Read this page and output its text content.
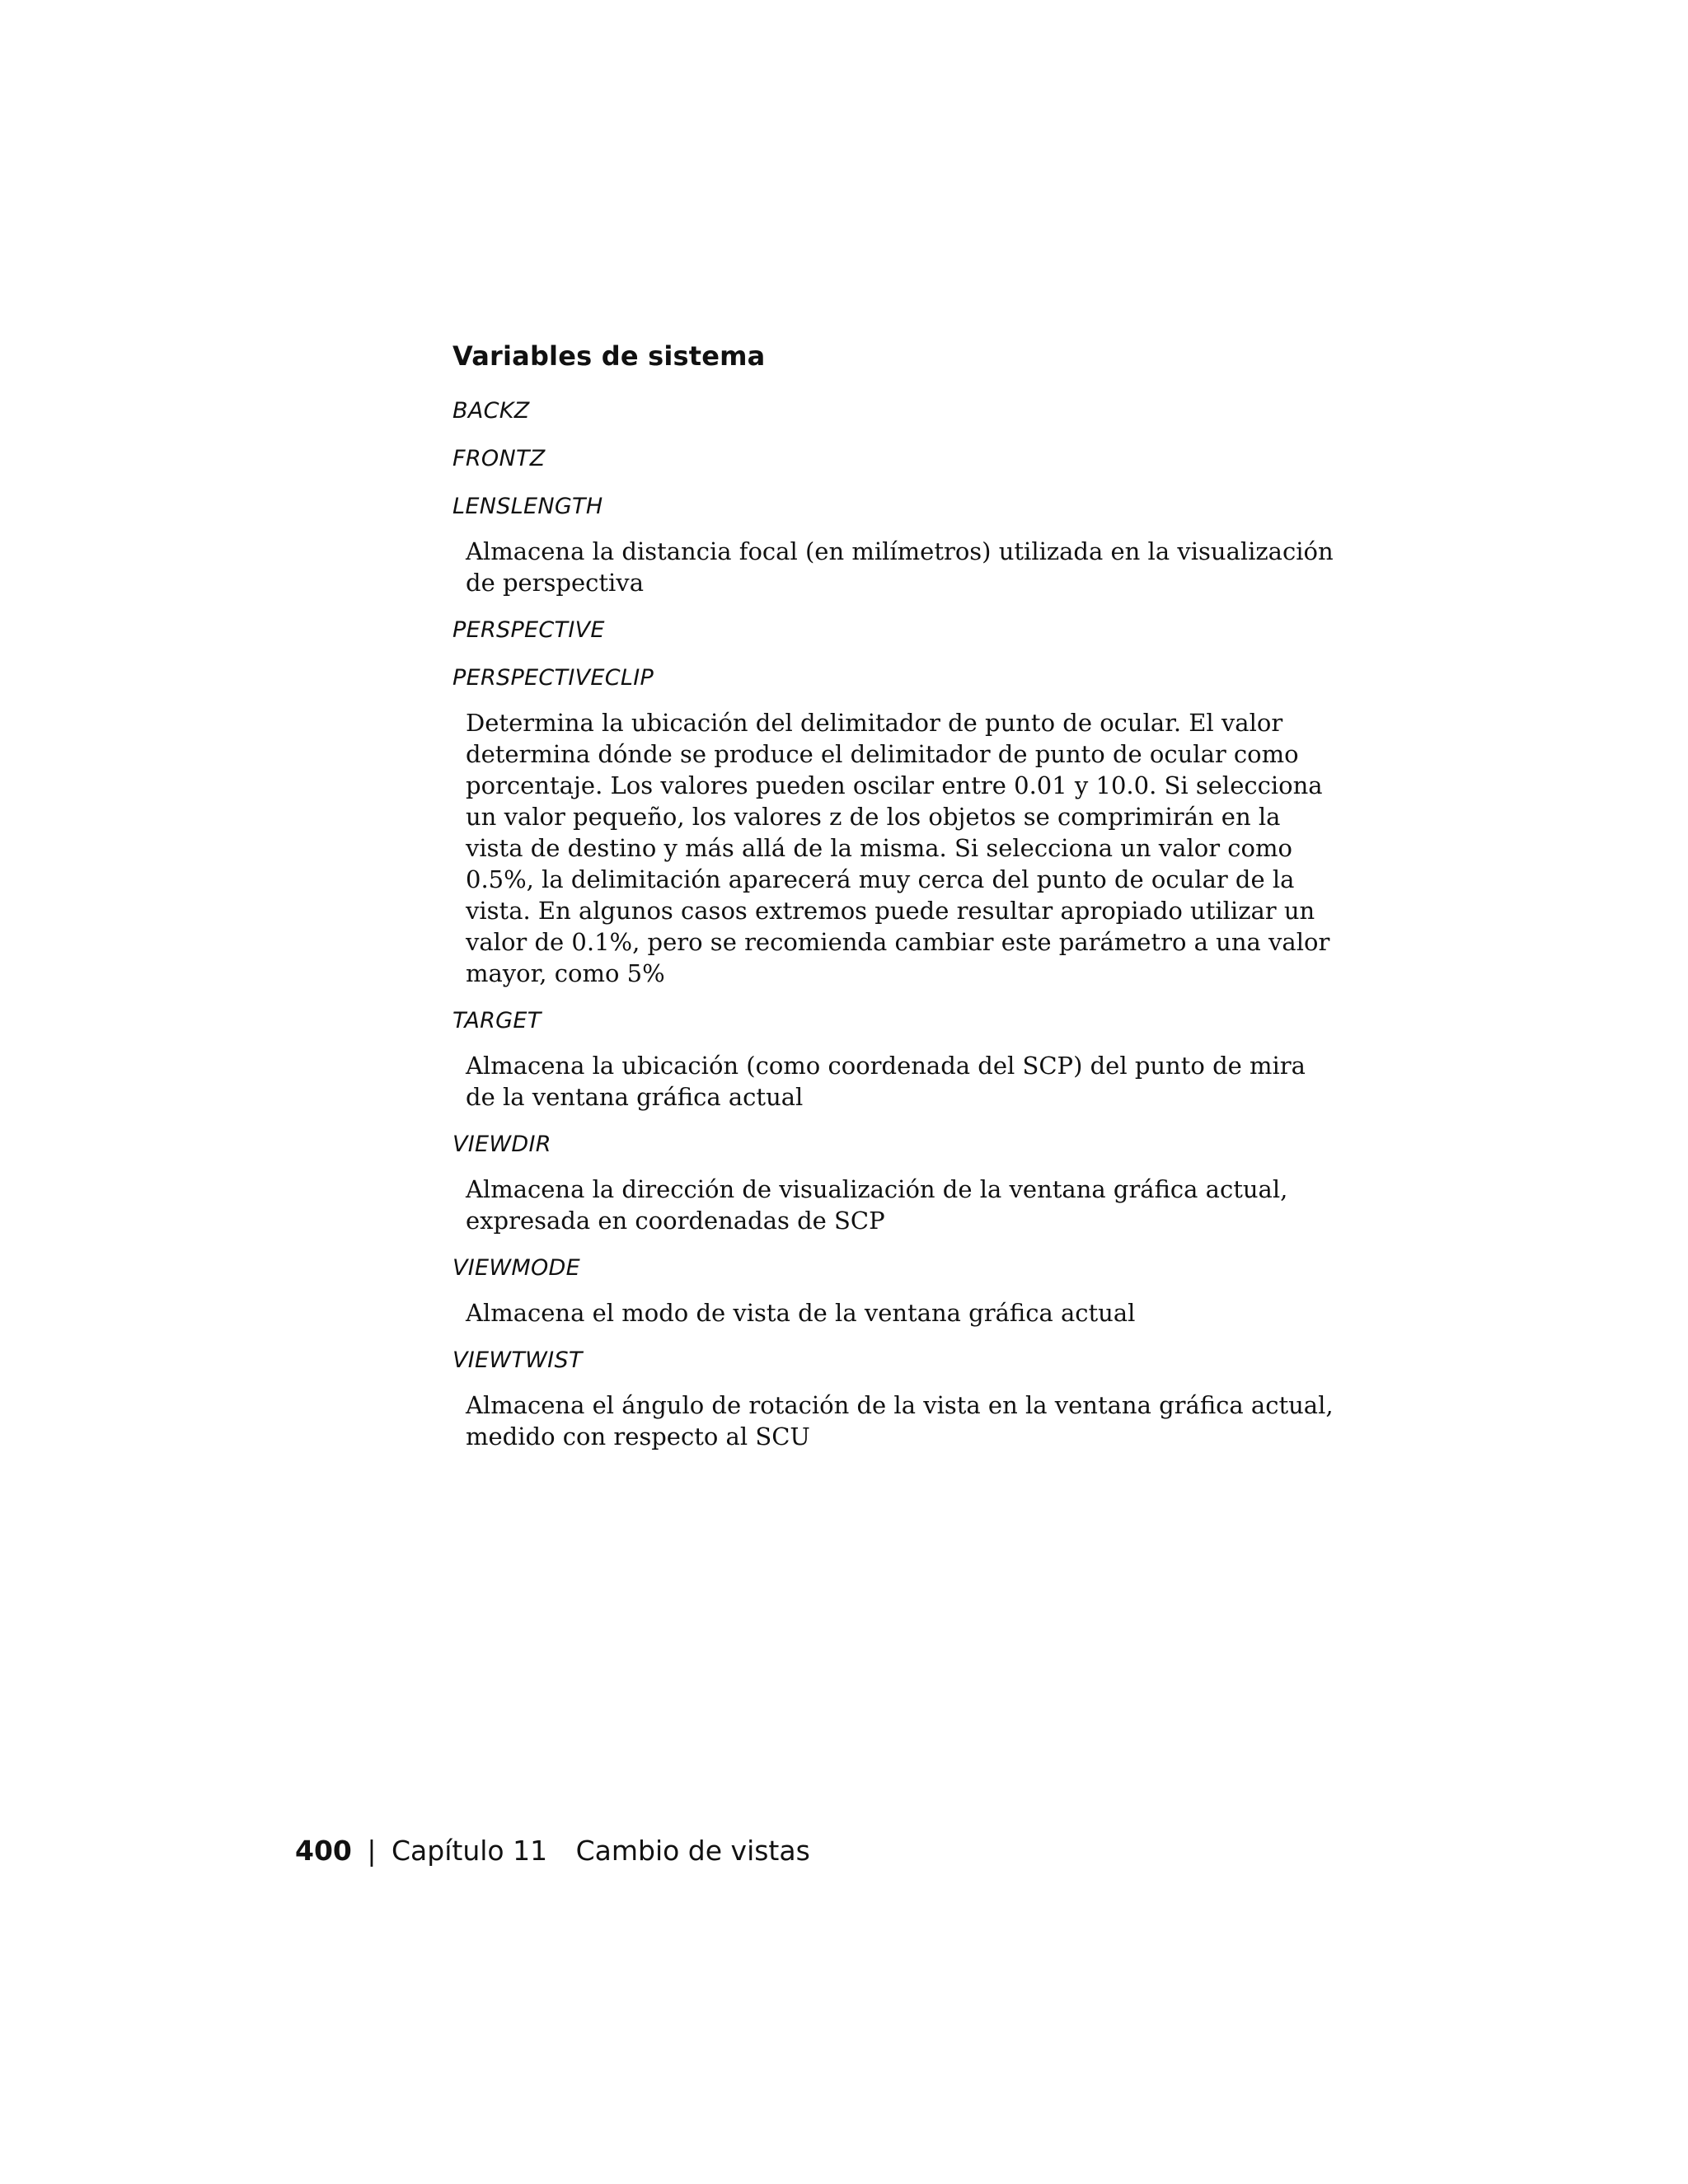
Variables de sistema

BACKZ

FRONTZ

LENSLENGTH

Almacena la distancia focal (en milímetros) utilizada en la visualización de perspectiva

PERSPECTIVE

PERSPECTIVECLIP

Determina la ubicación del delimitador de punto de ocular. El valor determina dónde se produce el delimitador de punto de ocular como porcentaje. Los valores pueden oscilar entre 0.01 y 10.0. Si selecciona un valor pequeño, los valores z de los objetos se comprimirán en la vista de destino y más allá de la misma. Si selecciona un valor como 0.5%, la delimitación aparecerá muy cerca del punto de ocular de la vista. En algunos casos extremos puede resultar apropiado utilizar un valor de 0.1%, pero se recomienda cambiar este parámetro a una valor mayor, como 5%

TARGET

Almacena la ubicación (como coordenada del SCP) del punto de mira de la ventana gráfica actual

VIEWDIR

Almacena la dirección de visualización de la ventana gráfica actual, expresada en coordenadas de SCP

VIEWMODE

Almacena el modo de vista de la ventana gráfica actual

VIEWTWIST

Almacena el ángulo de rotación de la vista en la ventana gráfica actual, medido con respecto al SCU

400 | Capítulo 11 Cambio de vistas
